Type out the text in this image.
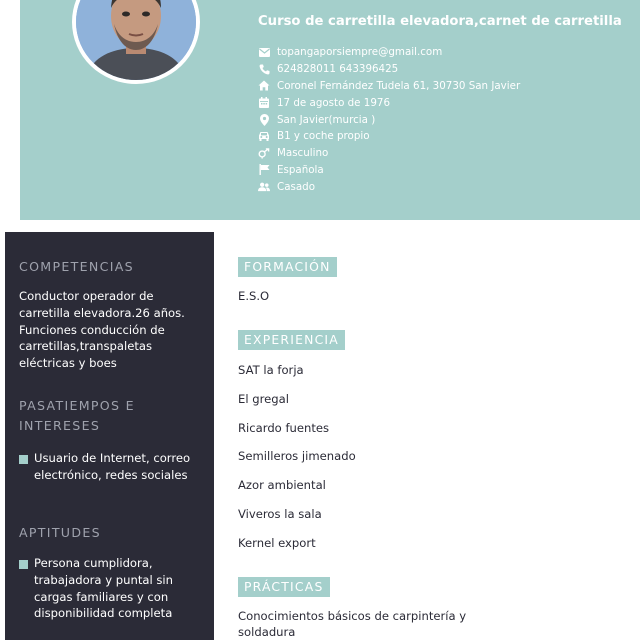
Curso de carretilla elevadora,carnet de carretilla
topangaporsiempre@gmail.com
624828011 643396425
Coronel Fernández Tudela 61, 30730 San Javier
17 de agosto de 1976
San Javier(murcia )
B1 y coche propio
Masculino
Española
Casado
COMPETENCIAS
Conductor operador de carretilla elevadora.26 años. Funciones conducción de carretillas,transpaletas eléctricas y boes
PASATIEMPOS E
INTERESES
Usuario de Internet, correo electrónico, redes sociales
APTITUDES
Persona cumplidora, trabajadora y puntal sin cargas familiares y con disponibilidad completa
FORMACIÓN
E.S.O
EXPERIENCIA
SAT la forja
El gregal
Ricardo fuentes
Semilleros jimenado
Azor ambiental
Viveros la sala
Kernel export
PRÁCTICAS
Conocimientos básicos de carpintería y
soldadura
